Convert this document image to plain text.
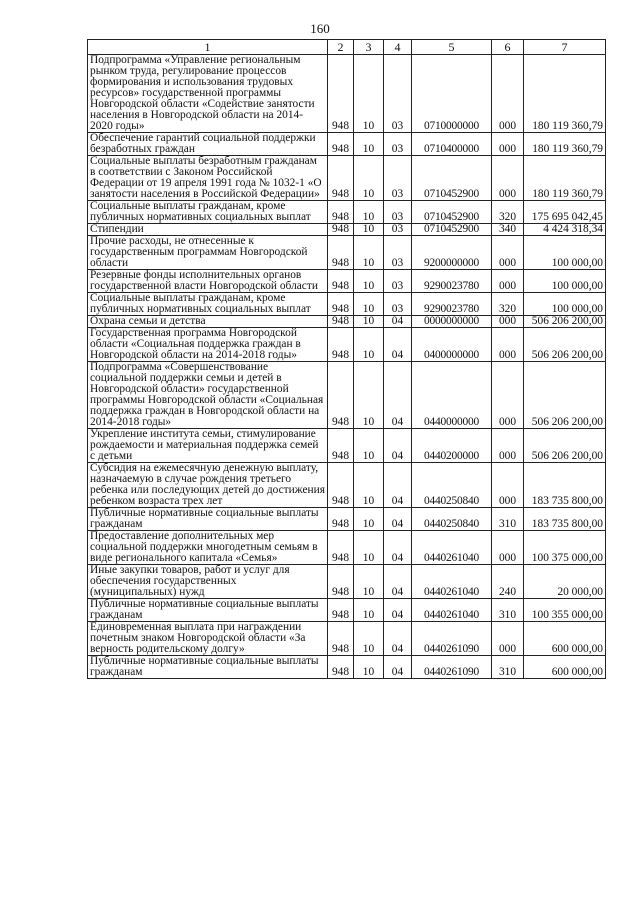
160
1	2	3	4	5	6	7
Подпрограмма «Управление региональным рынком труда, регулирование процессов формирования и использования трудовых ресурсов» государственной программы Новгородской области «Содействие занятости населения в Новгородской области на 2014-2020 годы»	948	10	03	0710000000	000	180 119 360,79
Обеспечение гарантий социальной поддержки безработных граждан	948	10	03	0710400000	000	180 119 360,79
Социальные выплаты безработным гражданам в соответствии с Законом Российской Федерации от 19 апреля 1991 года № 1032-1 «О занятости населения в Российской Федерации»	948	10	03	0710452900	000	180 119 360,79
Социальные выплаты гражданам, кроме публичных нормативных социальных выплат	948	10	03	0710452900	320	175 695 042,45
Стипендии	948	10	03	0710452900	340	4 424 318,34
Прочие расходы, не отнесенные к государственным программам Новгородской области	948	10	03	9200000000	000	100 000,00
Резервные фонды исполнительных органов государственной власти Новгородской области	948	10	03	9290023780	000	100 000,00
Социальные выплаты гражданам, кроме публичных нормативных социальных выплат	948	10	03	9290023780	320	100 000,00
Охрана семьи и детства	948	10	04	0000000000	000	506 206 200,00
Государственная программа Новгородской области «Социальная поддержка граждан в Новгородской области на 2014-2018 годы»	948	10	04	0400000000	000	506 206 200,00
Подпрограмма «Совершенствование социальной поддержки семьи и детей в Новгородской области» государственной программы Новгородской области «Социальная поддержка граждан в Новгородской области на 2014-2018 годы»	948	10	04	0440000000	000	506 206 200,00
Укрепление института семьи, стимулирование рождаемости и материальная поддержка семей с детьми	948	10	04	0440200000	000	506 206 200,00
Субсидия на ежемесячную денежную выплату, назначаемую в случае рождения третьего ребенка или последующих детей до достижения ребенком возраста трех лет	948	10	04	0440250840	000	183 735 800,00
Публичные нормативные социальные выплаты гражданам	948	10	04	0440250840	310	183 735 800,00
Предоставление дополнительных мер социальной поддержки многодетным семьям в виде регионального капитала «Семья»	948	10	04	0440261040	000	100 375 000,00
Иные закупки товаров, работ и услуг для обеспечения государственных (муниципальных) нужд	948	10	04	0440261040	240	20 000,00
Публичные нормативные социальные выплаты гражданам	948	10	04	0440261040	310	100 355 000,00
Единовременная выплата при награждении почетным знаком Новгородской области «За верность родительскому долгу»	948	10	04	0440261090	000	600 000,00
Публичные нормативные социальные выплаты гражданам	948	10	04	0440261090	310	600 000,00
